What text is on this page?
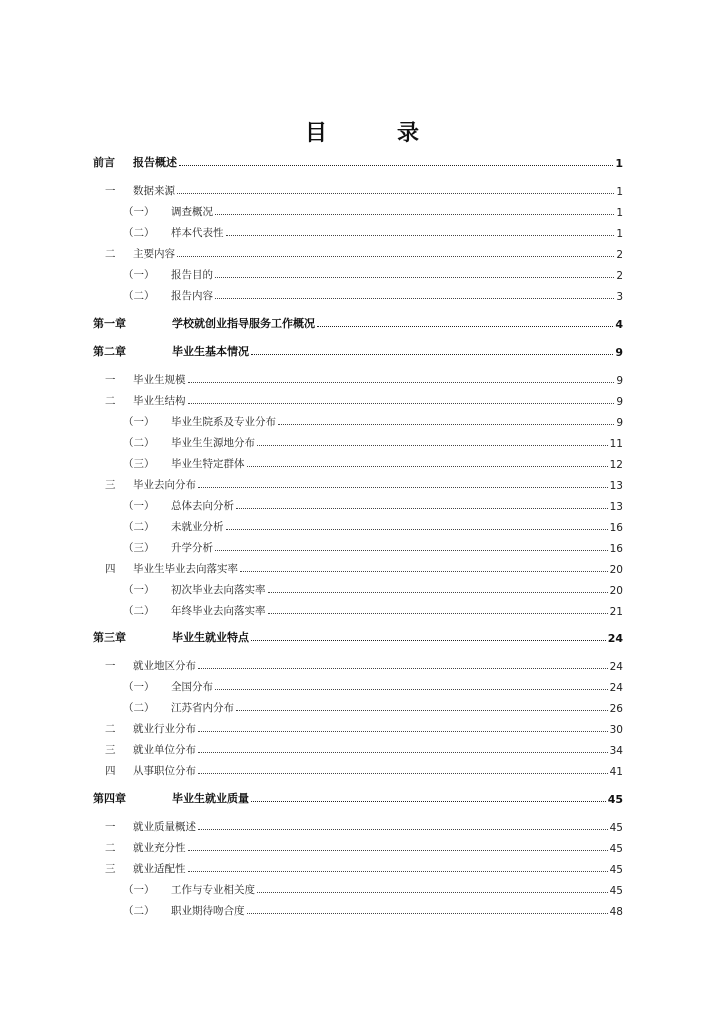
目　录
前言	报告概述	1
一	数据来源	1
（一）	调查概况	1
（二）	样本代表性	1
二	主要内容	2
（一）	报告目的	2
（二）	报告内容	3
第一章	学校就创业指导服务工作概况	4
第二章	毕业生基本情况	9
一	毕业生规模	9
二	毕业生结构	9
（一）	毕业生院系及专业分布	9
（二）	毕业生生源地分布	11
（三）	毕业生特定群体	12
三	毕业去向分布	13
（一）	总体去向分析	13
（二）	未就业分析	16
（三）	升学分析	16
四	毕业生毕业去向落实率	20
（一）	初次毕业去向落实率	20
（二）	年终毕业去向落实率	21
第三章	毕业生就业特点	24
一	就业地区分布	24
（一）	全国分布	24
（二）	江苏省内分布	26
二	就业行业分布	30
三	就业单位分布	34
四	从事职位分布	41
第四章	毕业生就业质量	45
一	就业质量概述	45
二	就业充分性	45
三	就业适配性	45
（一）	工作与专业相关度	45
（二）	职业期待吻合度	48
